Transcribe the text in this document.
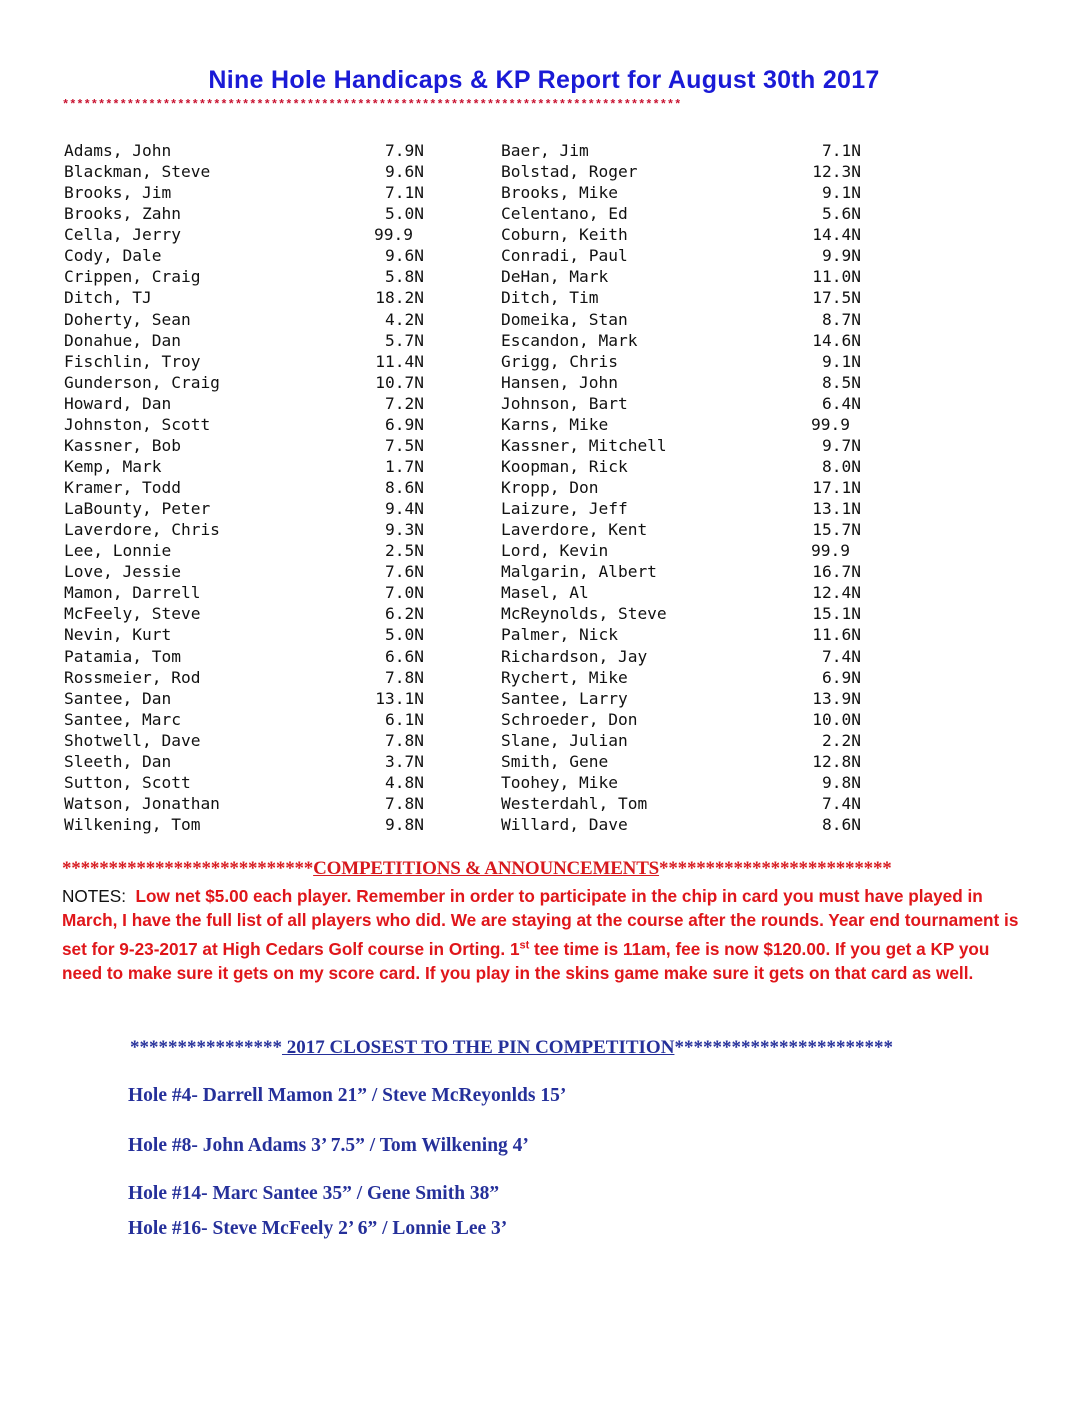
Nine Hole Handicaps & KP Report for August 30th 2017
**************************************************************************************
Adams, John	7.9N
Blackman, Steve	9.6N
Brooks, Jim	7.1N
Brooks, Zahn	5.0N
Cella, Jerry	99.9
Cody, Dale	9.6N
Crippen, Craig	5.8N
Ditch, TJ	18.2N
Doherty, Sean	4.2N
Donahue, Dan	5.7N
Fischlin, Troy	11.4N
Gunderson, Craig	10.7N
Howard, Dan	7.2N
Johnston, Scott	6.9N
Kassner, Bob	7.5N
Kemp, Mark	1.7N
Kramer, Todd	8.6N
LaBounty, Peter	9.4N
Laverdore, Chris	9.3N
Lee, Lonnie	2.5N
Love, Jessie	7.6N
Mamon, Darrell	7.0N
McFeely, Steve	6.2N
Nevin, Kurt	5.0N
Patamia, Tom	6.6N
Rossmeier, Rod	7.8N
Santee, Dan	13.1N
Santee, Marc	6.1N
Shotwell, Dave	7.8N
Sleeth, Dan	3.7N
Sutton, Scott	4.8N
Watson, Jonathan	7.8N
Wilkening, Tom	9.8N
Baer, Jim	7.1N
Bolstad, Roger	12.3N
Brooks, Mike	9.1N
Celentano, Ed	5.6N
Coburn, Keith	14.4N
Conradi, Paul	9.9N
DeHan, Mark	11.0N
Ditch, Tim	17.5N
Domeika, Stan	8.7N
Escandon, Mark	14.6N
Grigg, Chris	9.1N
Hansen, John	8.5N
Johnson, Bart	6.4N
Karns, Mike	99.9
Kassner, Mitchell	9.7N
Koopman, Rick	8.0N
Kropp, Don	17.1N
Laizure, Jeff	13.1N
Laverdore, Kent	15.7N
Lord, Kevin	99.9
Malgarin, Albert	16.7N
Masel, Al	12.4N
McReynolds, Steve	15.1N
Palmer, Nick	11.6N
Richardson, Jay	7.4N
Rychert, Mike	6.9N
Santee, Larry	13.9N
Schroeder, Don	10.0N
Slane, Julian	2.2N
Smith, Gene	12.8N
Toohey, Mike	9.8N
Westerdahl, Tom	7.4N
Willard, Dave	8.6N
***************************COMPETITIONS & ANNOUNCEMENTS*************************
NOTES: Low net $5.00 each player. Remember in order to participate in the chip in card you must have played in March, I have the full list of all players who did. We are staying at the course after the rounds. Year end tournament is set for 9-23-2017 at High Cedars Golf course in Orting. 1st tee time is 11am, fee is now $120.00. If you get a KP you need to make sure it gets on my score card. If you play in the skins game make sure it gets on that card as well.
**************** 2017 CLOSEST TO THE PIN COMPETITION***********************
Hole #4- Darrell Mamon 21” / Steve McReyonlds 15’
Hole #8- John Adams 3’ 7.5” / Tom Wilkening 4’
Hole #14- Marc Santee 35” / Gene Smith 38”
Hole #16- Steve McFeely 2’ 6” / Lonnie Lee 3’
